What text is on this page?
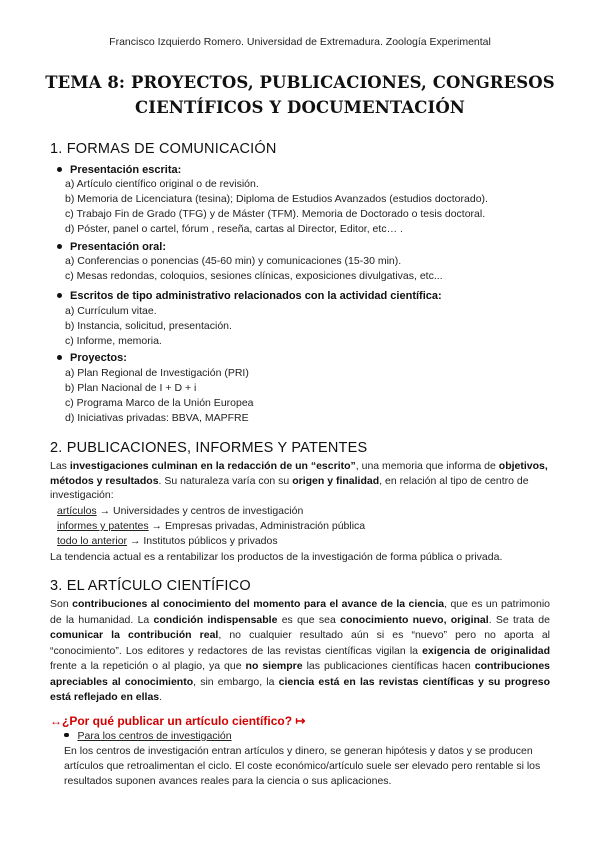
Francisco Izquierdo Romero. Universidad de Extremadura. Zoología Experimental
TEMA 8: PROYECTOS, PUBLICACIONES, CONGRESOS
CIENTÍFICOS Y DOCUMENTACIÓN
1. FORMAS DE COMUNICACIÓN
Presentación escrita:
a) Artículo científico original o de revisión.
b) Memoria de Licenciatura (tesina); Diploma de Estudios Avanzados (estudios doctorado).
c) Trabajo Fin de Grado (TFG) y de Máster (TFM). Memoria de Doctorado o tesis doctoral.
d) Póster, panel o cartel, fórum , reseña, cartas al Director, Editor, etc… .
Presentación oral:
a) Conferencias o ponencias (45-60 min) y comunicaciones (15-30 min).
c) Mesas redondas, coloquios, sesiones clínicas, exposiciones divulgativas, etc...
Escritos de tipo administrativo relacionados con la actividad científica:
a) Currículum vitae.
b) Instancia, solicitud, presentación.
c) Informe, memoria.
Proyectos:
a) Plan Regional de Investigación (PRI)
b) Plan Nacional de I + D + i
c) Programa Marco de la Unión Europea
d) Iniciativas privadas: BBVA, MAPFRE
2. PUBLICACIONES, INFORMES Y PATENTES
Las investigaciones culminan en la redacción de un “escrito”, una memoria que informa de objetivos, métodos y resultados. Su naturaleza varía con su origen y finalidad, en relación al tipo de centro de investigación:
artículos → Universidades y centros de investigación
informes y patentes → Empresas privadas, Administración pública
todo lo anterior → Institutos públicos y privados
La tendencia actual es a rentabilizar los productos de la investigación de forma pública o privada.
3. EL ARTÍCULO CIENTÍFICO
Son contribuciones al conocimiento del momento para el avance de la ciencia, que es un patrimonio de la humanidad. La condición indispensable es que sea conocimiento nuevo, original. Se trata de comunicar la contribución real, no cualquier resultado aún si es “nuevo” pero no aporta al “conocimiento”. Los editores y redactores de las revistas científicas vigilan la exigencia de originalidad frente a la repetición o al plagio, ya que no siempre las publicaciones científicas hacen contribuciones apreciables al conocimiento, sin embargo, la ciencia está en las revistas científicas y su progreso está reflejado en ellas.
↔¿Por qué publicar un artículo científico? ↦
Para los centros de investigación
En los centros de investigación entran artículos y dinero, se generan hipótesis y datos y se producen artículos que retroalimentan el ciclo. El coste económico/artículo suele ser elevado pero rentable si los resultados suponen avances reales para la ciencia o sus aplicaciones.
